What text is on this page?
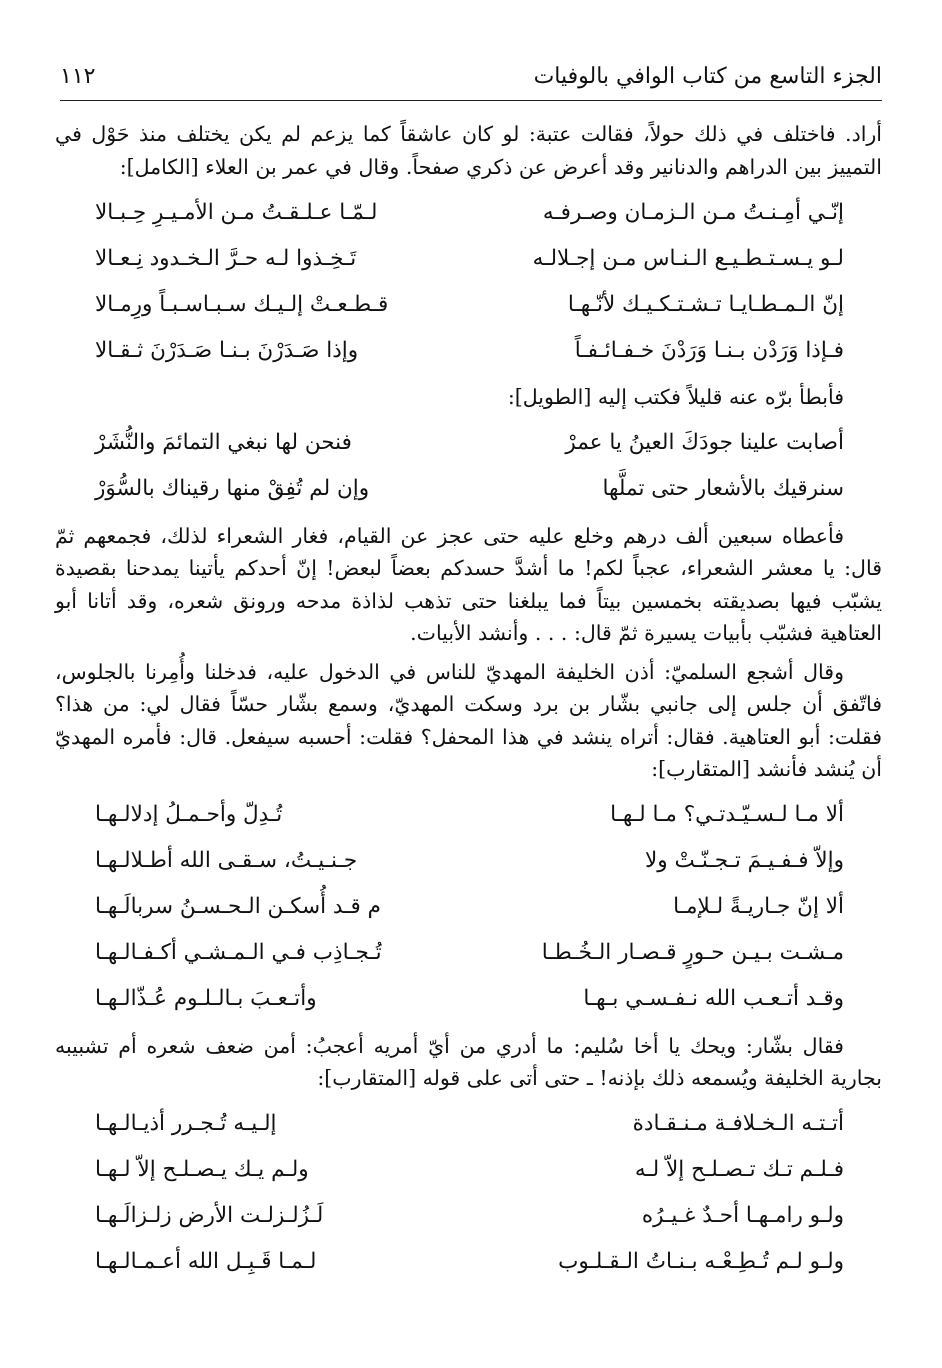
الجزء التاسع من كتاب الوافي بالوفيات
١١٢

أراد. فاختلف في ذلك حولاً، فقالت عتبة: لو كان عاشقاً كما يزعم لم يكن يختلف منذ حَوْل في التمييز بين الدراهم والدنانير وقد أعرض عن ذكري صفحاً. وقال في عمر بن العلاء [الكامل]:

إنّـي أمِـنـتُ مـن الـزمـان وصـرفـه
لـمّـا عـلـقـتُ مـن الأمـيـرِ حِـبـالا
لـو يـسـتـطـيـع الـنـاس مـن إجـلالـه
تَـخِـذوا لـه حـرَّ الـخـدود نِـعـالا
إنّ الـمـطـايـا تـشـتـكـيـك لأنّـهـا
قـطـعـتْ إلـيـك سـبـاسـبـاً ورِمـالا
فـإذا وَرَدْن بـنـا وَرَدْنَ خـفـائـفـاً
وإذا صَـدَرْنَ بـنـا صَـدَرْنَ ثـقـالا

فأبطأ برّه عنه قليلاً فكتب إليه [الطويل]:

أصابت علينا جودَكَ العينُ يا عمرْ
فنحن لها نبغي التمائمَ والنُّشَرْ
سنرقيك بالأشعار حتى تملَّها
وإن لم تُفِقْ منها رقيناك بالسُّوَرْ

فأعطاه سبعين ألف درهم وخلع عليه حتى عجز عن القيام، فغار الشعراء لذلك، فجمعهم ثمّ قال: يا معشر الشعراء، عجباً لكم! ما أشدَّ حسدكم بعضاً لبعض! إنّ أحدكم يأتينا يمدحنا بقصيدة يشبّب فيها بصديقته بخمسين بيتاً فما يبلغنا حتى تذهب لذاذة مدحه ورونق شعره، وقد أتانا أبو العتاهية فشبّب بأبيات يسيرة ثمّ قال: . . . وأنشد الأبيات.

وقال أشجع السلميّ: أذن الخليفة المهديّ للناس في الدخول عليه، فدخلنا وأُمِرنا بالجلوس، فاتّفق أن جلس إلى جانبي بشّار بن برد وسكت المهديّ، وسمع بشّار حسّاً فقال لي: من هذا؟ فقلت: أبو العتاهية. فقال: أتراه ينشد في هذا المحفل؟ فقلت: أحسبه سيفعل. قال: فأمره المهديّ أن يُنشد فأنشد [المتقارب]:

ألا مـا لـسـيّـدتـي؟ مـا لـهـا
تُـدِلّ وأحـمـلُ إدلالـهـا
وإلاّ فـفـيـمَ تـجـنّـتْ ولا
جـنـيـتُ، سـقـى الله أطـلالـهـا
ألا إنّ جـاريـةً لـلإمـا
م قـد أُسكـن الـحـسـنُ سربالَـهـا
مـشـت بـيـن حـورٍ قـصـار الـخُـطـا
تُـجـاذِب فـي الـمـشـي أكـفـالـهـا
وقـد أتـعـب الله نـفـسـي بـهـا
وأتـعـبَ بـالـلـوم عُـذّالـهـا

فقال بشّار: ويحك يا أخا سُليم: ما أدري من أيّ أمريه أعجبُ: أمن ضعف شعره أم تشبيبه بجارية الخليفة ويُسمعه ذلك بإذنه! ـ حتى أتى على قوله [المتقارب]:

أتـتـه الـخـلافـة مـنـقـادة
إلـيـه تُـجـرر أذيـالـهـا
فـلـم تـك تـصـلـح إلاّ لـه
ولـم يـك يـصـلـح إلاّ لـهـا
ولـو رامـهـا أحـدٌ غـيـرُه
لَـزُلـزلـت الأرض زلـزالَـهـا
ولـو لـم تُـطِـعْـه بـنـاتُ الـقـلـوب
لـمـا قَـبِـل الله أعـمـالـهـا
